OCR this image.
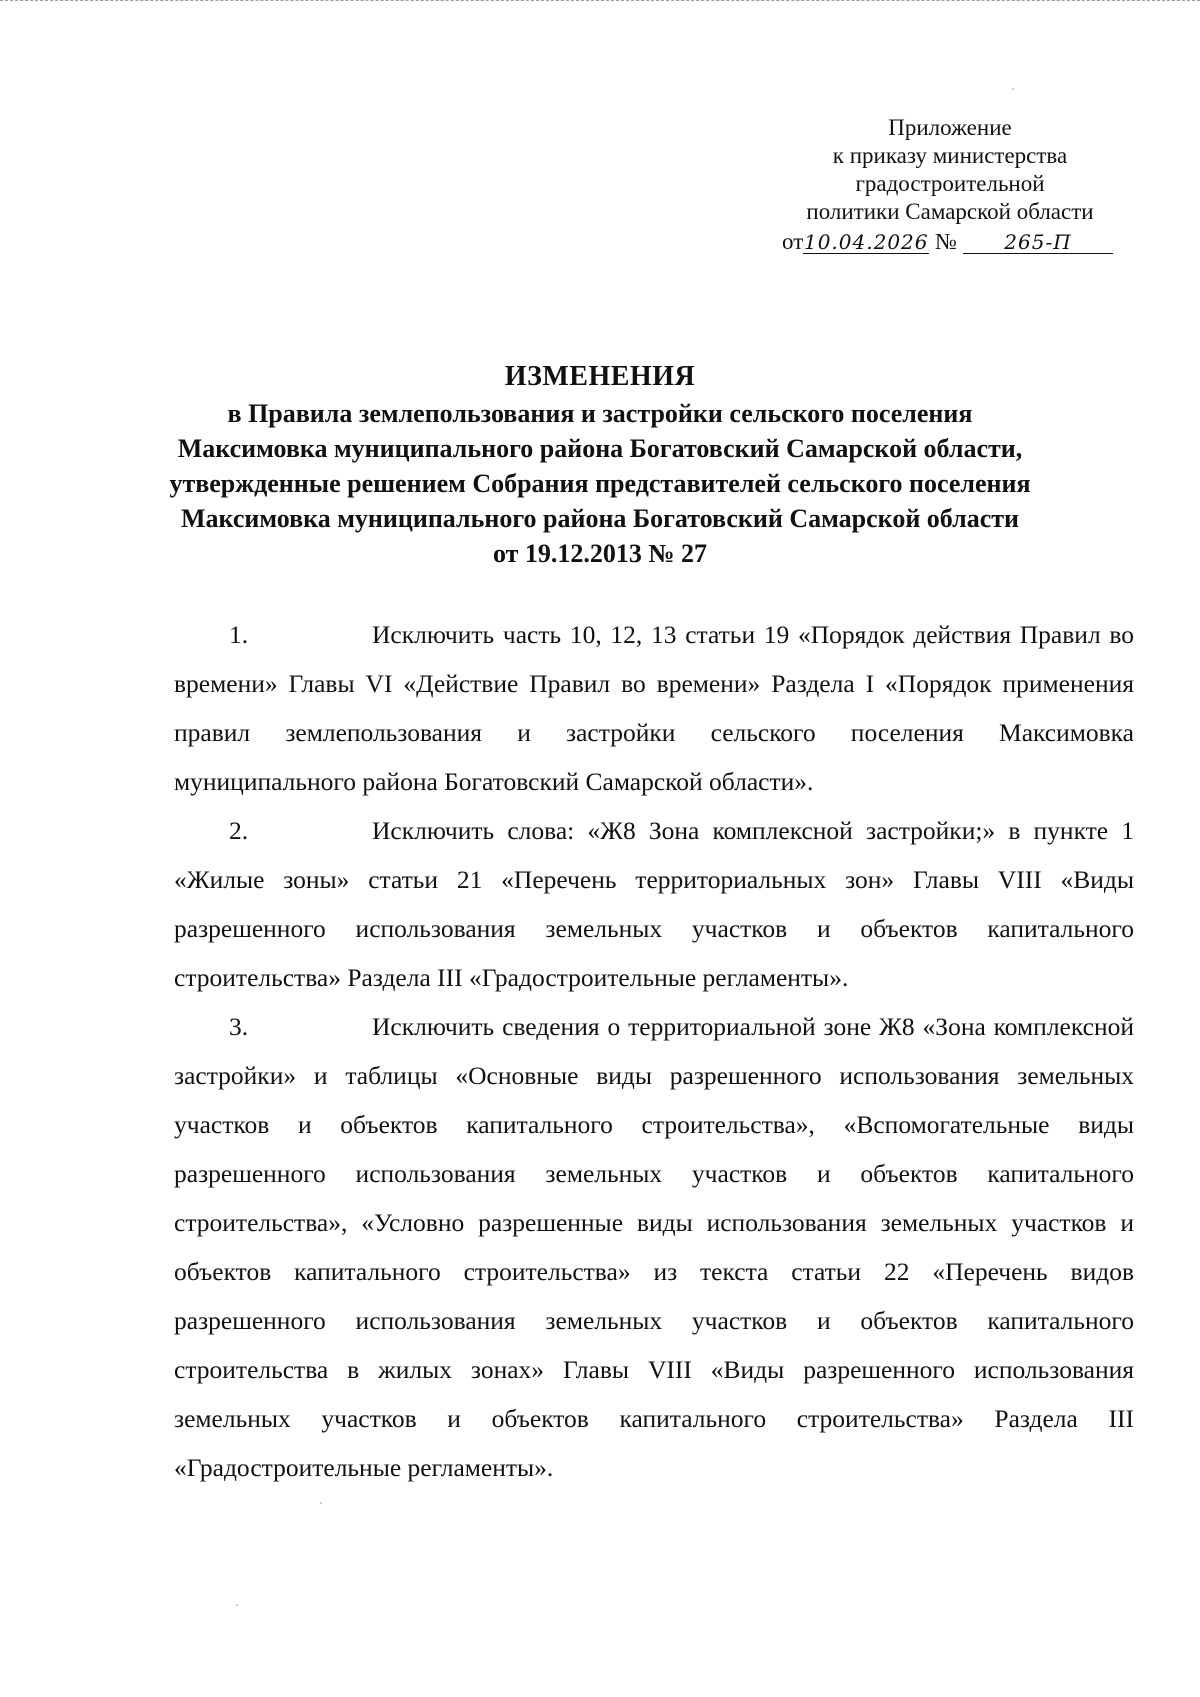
Приложение
к приказу министерства
градостроительной
политики Самарской области
от10.04.2026 № 265-П
ИЗМЕНЕНИЯ
в Правила землепользования и застройки сельского поселения
Максимовка муниципального района Богатовский Самарской области,
утвержденные решением Собрания представителей сельского поселения
Максимовка муниципального района Богатовский Самарской области
от 19.12.2013 № 27

1.	Исключить часть 10, 12, 13 статьи 19 «Порядок действия Правил во времени» Главы VI «Действие Правил во времени» Раздела I «Порядок применения правил землепользования и застройки сельского поселения Максимовка муниципального района Богатовский Самарской области».

2.	Исключить слова: «Ж8 Зона комплексной застройки;» в пункте 1 «Жилые зоны» статьи 21 «Перечень территориальных зон» Главы VIII «Виды разрешенного использования земельных участков и объектов капитального строительства» Раздела III «Градостроительные регламенты».

3.	Исключить сведения о территориальной зоне Ж8 «Зона комплексной застройки» и таблицы «Основные виды разрешенного использования земельных участков и объектов капитального строительства», «Вспомогательные виды разрешенного использования земельных участков и объектов капитального строительства», «Условно разрешенные виды использования земельных участков и объектов капитального строительства» из текста статьи 22 «Перечень видов разрешенного использования земельных участков и объектов капитального строительства в жилых зонах» Главы VIII «Виды разрешенного использования земельных участков и объектов капитального строительства» Раздела III «Градостроительные регламенты».
